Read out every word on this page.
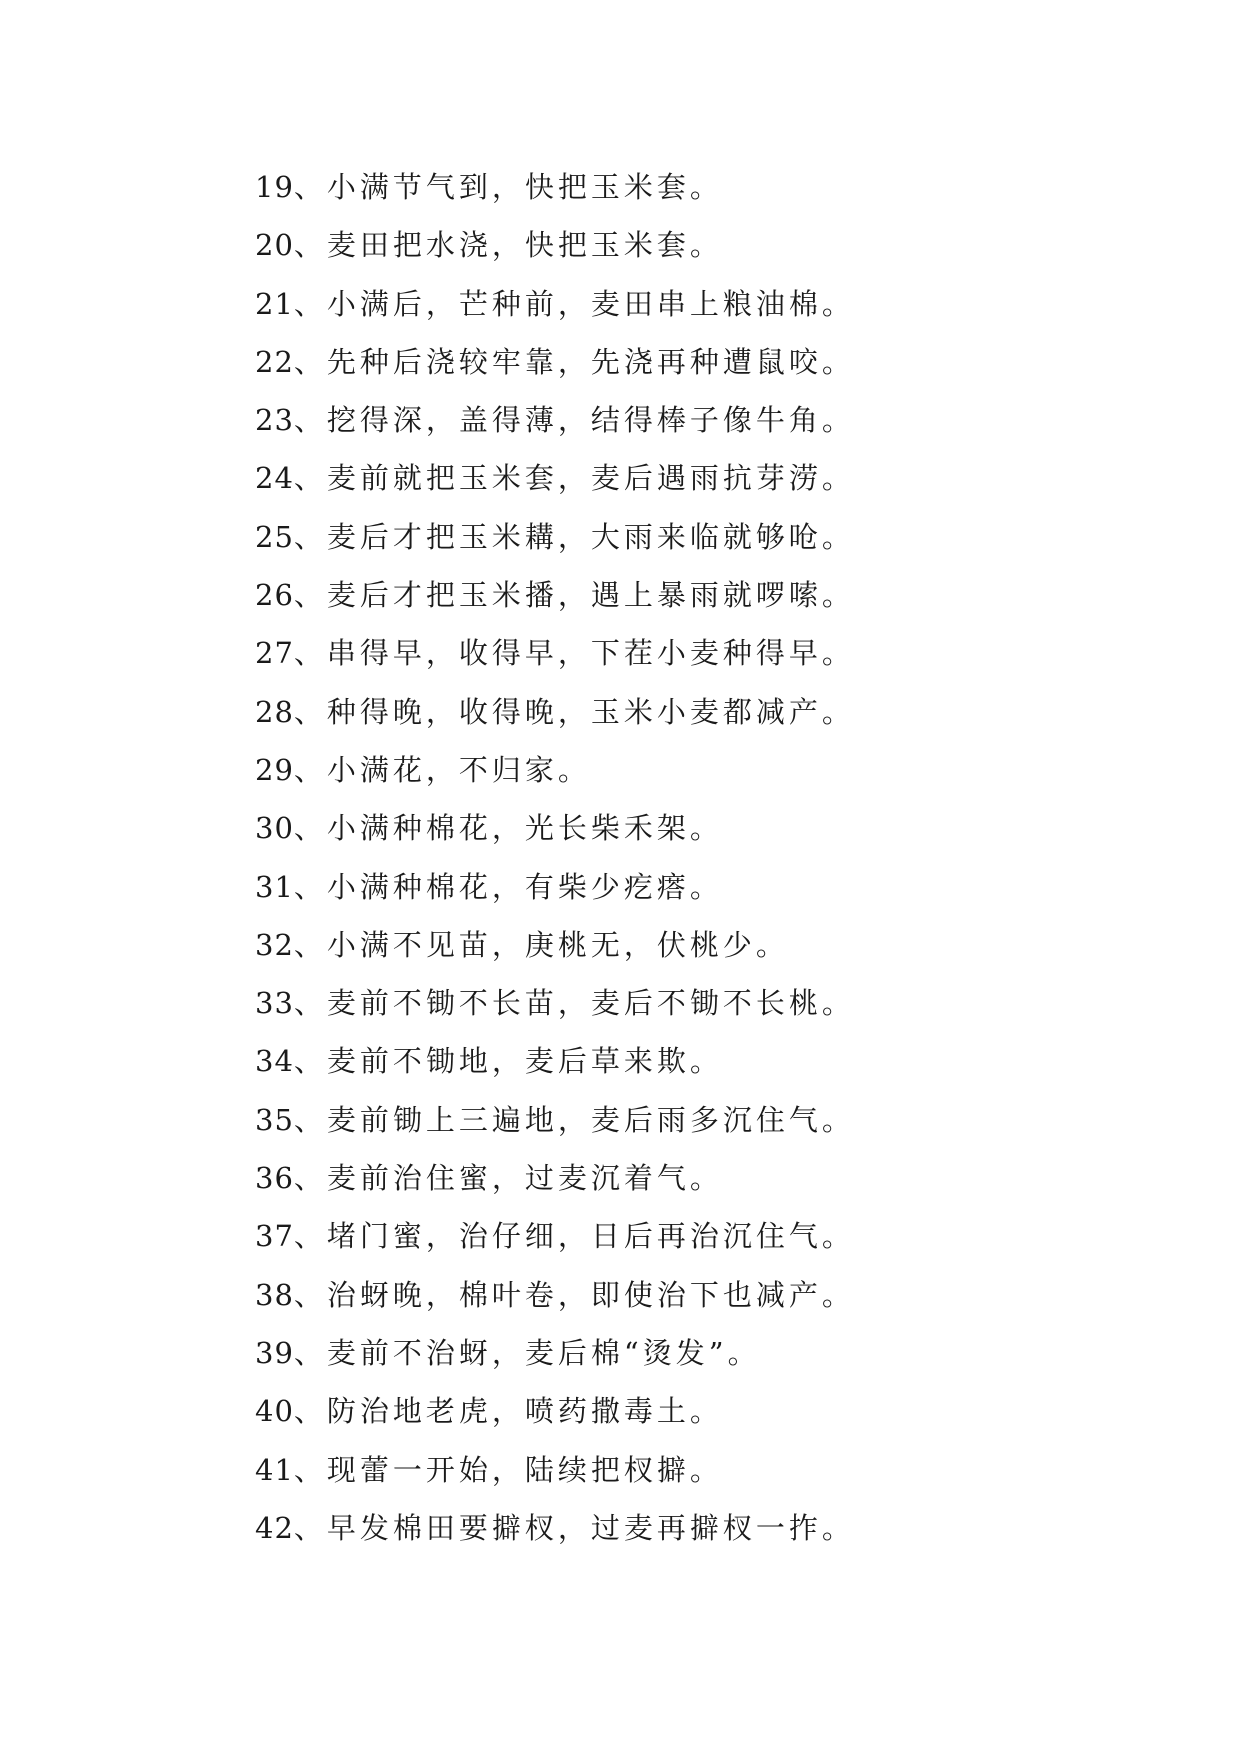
19、小满节气到，快把玉米套。
20、麦田把水浇，快把玉米套。
21、小满后，芒种前，麦田串上粮油棉。
22、先种后浇较牢靠，先浇再种遭鼠咬。
23、挖得深，盖得薄，结得棒子像牛角。
24、麦前就把玉米套，麦后遇雨抗芽涝。
25、麦后才把玉米耩，大雨来临就够呛。
26、麦后才把玉米播，遇上暴雨就啰嗦。
27、串得早，收得早，下茬小麦种得早。
28、种得晚，收得晚，玉米小麦都减产。
29、小满花，不归家。
30、小满种棉花，光长柴禾架。
31、小满种棉花，有柴少疙瘩。
32、小满不见苗，庚桃无，伏桃少。
33、麦前不锄不长苗，麦后不锄不长桃。
34、麦前不锄地，麦后草来欺。
35、麦前锄上三遍地，麦后雨多沉住气。
36、麦前治住蜜，过麦沉着气。
37、堵门蜜，治仔细，日后再治沉住气。
38、治蚜晚，棉叶卷，即使治下也减产。
39、麦前不治蚜，麦后棉“烫发”。
40、防治地老虎，喷药撒毒土。
41、现蕾一开始，陆续把杈擗。
42、早发棉田要擗杈，过麦再擗杈一拃。
